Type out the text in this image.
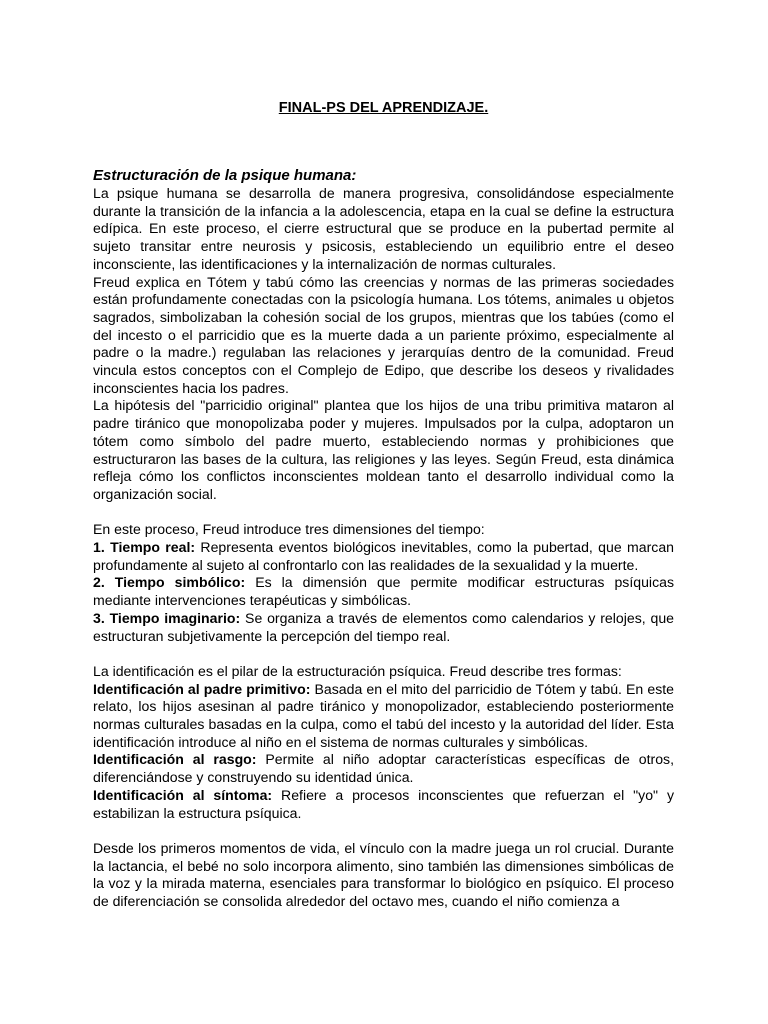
FINAL-PS DEL APRENDIZAJE.
Estructuración de la psique humana:

La psique humana se desarrolla de manera progresiva, consolidándose especialmente durante la transición de la infancia a la adolescencia, etapa en la cual se define la estructura edípica. En este proceso, el cierre estructural que se produce en la pubertad permite al sujeto transitar entre neurosis y psicosis, estableciendo un equilibrio entre el deseo inconsciente, las identificaciones y la internalización de normas culturales.

Freud explica en Tótem y tabú cómo las creencias y normas de las primeras sociedades están profundamente conectadas con la psicología humana. Los tótems, animales u objetos sagrados, simbolizaban la cohesión social de los grupos, mientras que los tabúes (como el del incesto o el parricidio que es la muerte dada a un pariente próximo, especialmente al padre o la madre.) regulaban las relaciones y jerarquías dentro de la comunidad. Freud vincula estos conceptos con el Complejo de Edipo, que describe los deseos y rivalidades inconscientes hacia los padres.

La hipótesis del "parricidio original" plantea que los hijos de una tribu primitiva mataron al padre tiránico que monopolizaba poder y mujeres. Impulsados por la culpa, adoptaron un tótem como símbolo del padre muerto, estableciendo normas y prohibiciones que estructuraron las bases de la cultura, las religiones y las leyes. Según Freud, esta dinámica refleja cómo los conflictos inconscientes moldean tanto el desarrollo individual como la organización social.

En este proceso, Freud introduce tres dimensiones del tiempo:

1. Tiempo real: Representa eventos biológicos inevitables, como la pubertad, que marcan profundamente al sujeto al confrontarlo con las realidades de la sexualidad y la muerte.

2. Tiempo simbólico: Es la dimensión que permite modificar estructuras psíquicas mediante intervenciones terapéuticas y simbólicas.

3. Tiempo imaginario: Se organiza a través de elementos como calendarios y relojes, que estructuran subjetivamente la percepción del tiempo real.

La identificación es el pilar de la estructuración psíquica. Freud describe tres formas:

Identificación al padre primitivo: Basada en el mito del parricidio de Tótem y tabú. En este relato, los hijos asesinan al padre tiránico y monopolizador, estableciendo posteriormente normas culturales basadas en la culpa, como el tabú del incesto y la autoridad del líder. Esta identificación introduce al niño en el sistema de normas culturales y simbólicas.

Identificación al rasgo: Permite al niño adoptar características específicas de otros, diferenciándose y construyendo su identidad única.

Identificación al síntoma: Refiere a procesos inconscientes que refuerzan el "yo" y estabilizan la estructura psíquica.

Desde los primeros momentos de vida, el vínculo con la madre juega un rol crucial. Durante la lactancia, el bebé no solo incorpora alimento, sino también las dimensiones simbólicas de la voz y la mirada materna, esenciales para transformar lo biológico en psíquico. El proceso de diferenciación se consolida alrededor del octavo mes, cuando el niño comienza a
